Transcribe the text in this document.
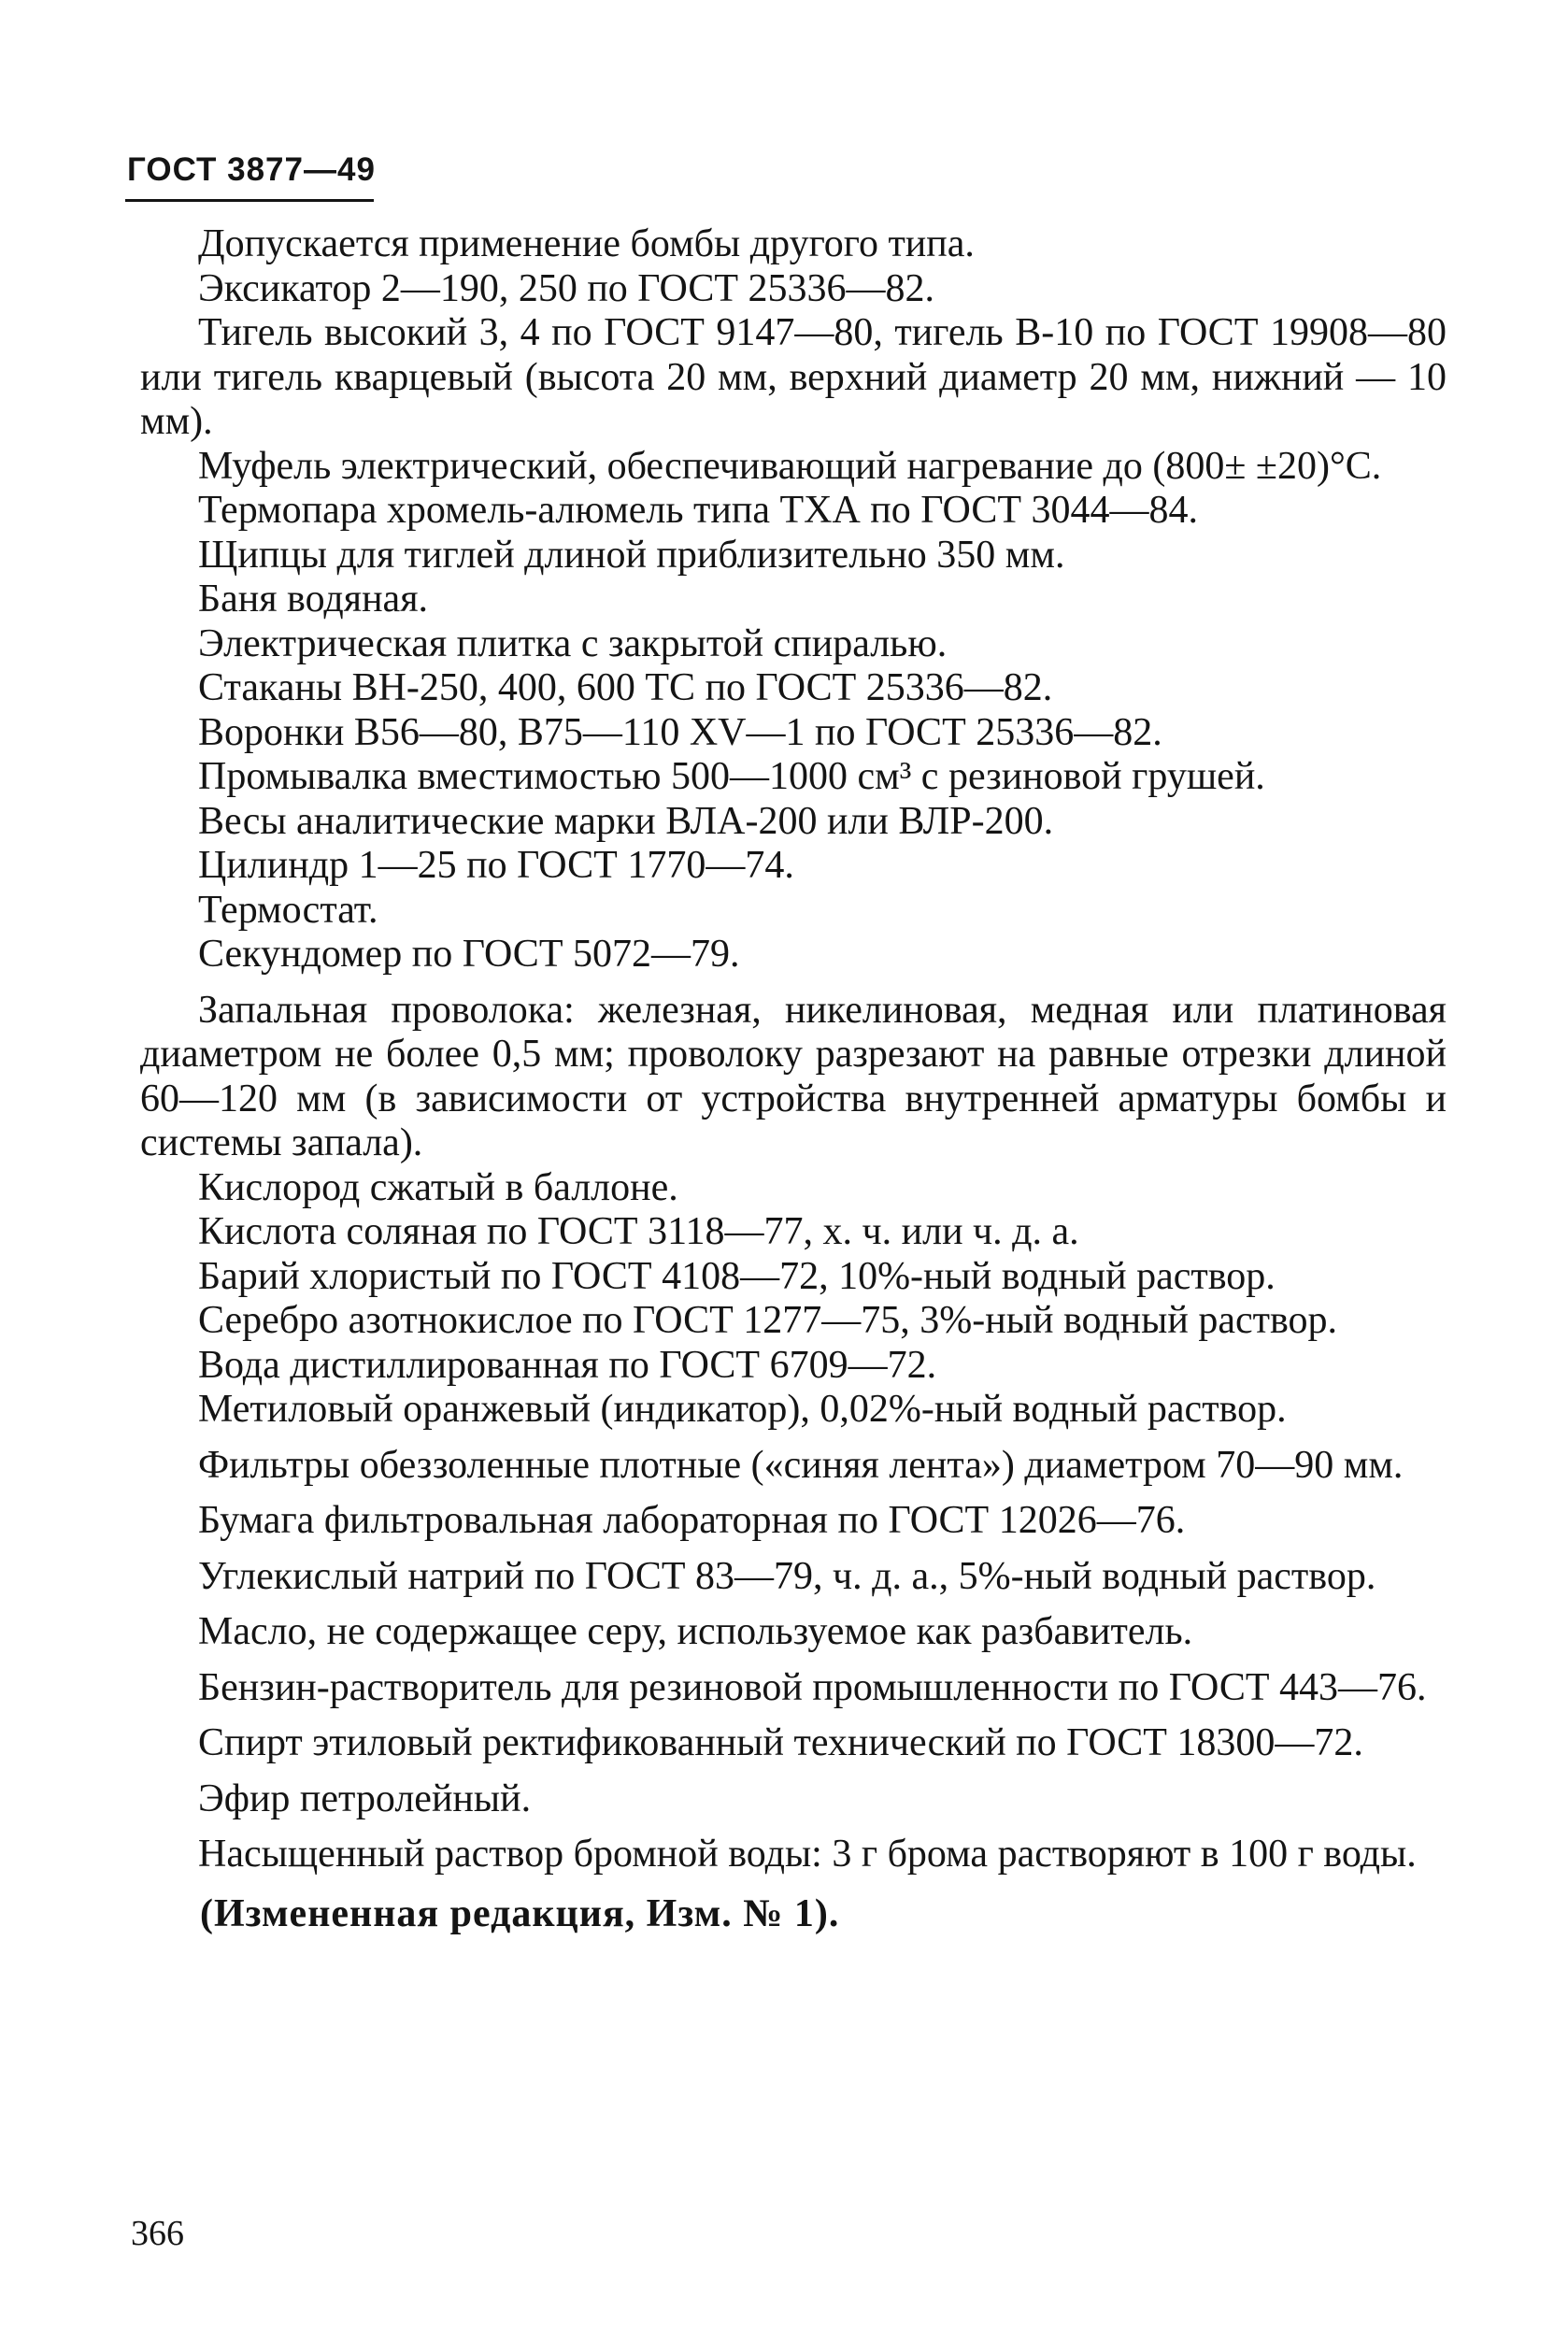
ГОСТ 3877—49

Допускается применение бомбы другого типа.

Эксикатор 2—190, 250 по ГОСТ 25336—82.

Тигель высокий 3, 4 по ГОСТ 9147—80, тигель В-10 по ГОСТ 19908—80 или тигель кварцевый (высота 20 мм, верхний диаметр 20 мм, нижний — 10 мм).

Муфель электрический, обеспечивающий нагревание до (800± ±20)°С.

Термопара хромель-алюмель типа ТХА по ГОСТ 3044—84.

Щипцы для тиглей длиной приблизительно 350 мм.

Баня водяная.

Электрическая плитка с закрытой спиралью.

Стаканы ВН-250, 400, 600 ТС по ГОСТ 25336—82.

Воронки В56—80, В75—110 XV—1 по ГОСТ 25336—82.

Промывалка вместимостью 500—1000 см³ с резиновой грушей.

Весы аналитические марки ВЛА-200 или ВЛР-200.

Цилиндр 1—25 по ГОСТ 1770—74.

Термостат.

Секундомер по ГОСТ 5072—79.

Запальная проволока: железная, никелиновая, медная или платиновая диаметром не более 0,5 мм; проволоку разрезают на равные отрезки длиной 60—120 мм (в зависимости от устройства внутренней арматуры бомбы и системы запала).

Кислород сжатый в баллоне.

Кислота соляная по ГОСТ 3118—77, х. ч. или ч. д. а.

Барий хлористый по ГОСТ 4108—72, 10%-ный водный раствор.

Серебро азотнокислое по ГОСТ 1277—75, 3%-ный водный раствор.

Вода дистиллированная по ГОСТ 6709—72.

Метиловый оранжевый (индикатор), 0,02%-ный водный раствор.

Фильтры обеззоленные плотные («синяя лента») диаметром 70—90 мм.

Бумага фильтровальная лабораторная по ГОСТ 12026—76.

Углекислый натрий по ГОСТ 83—79, ч. д. а., 5%-ный водный раствор.

Масло, не содержащее серу, используемое как разбавитель.

Бензин-растворитель для резиновой промышленности по ГОСТ 443—76.

Спирт этиловый ректификованный технический по ГОСТ 18300—72.

Эфир петролейный.

Насыщенный раствор бромной воды: 3 г брома растворяют в 100 г воды.

(Измененная редакция, Изм. № 1).

366
